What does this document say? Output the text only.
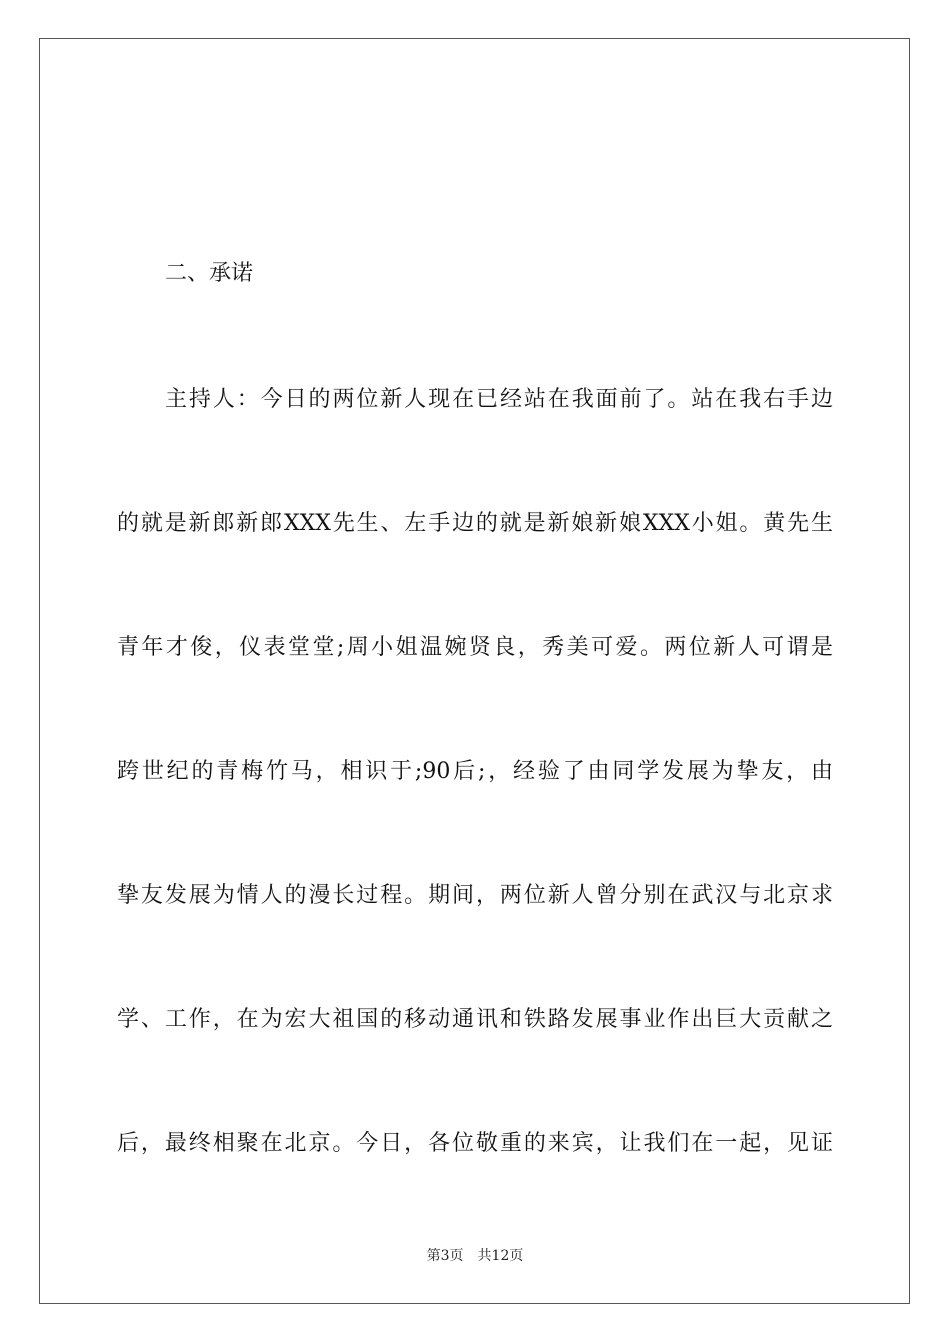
二、承诺
主持人：今日的两位新人现在已经站在我面前了。站在我右手边
的就是新郎新郎XXX先生、左手边的就是新娘新娘XXX小姐。黄先生
青年才俊，仪表堂堂;周小姐温婉贤良，秀美可爱。两位新人可谓是
跨世纪的青梅竹马，相识于;90后;，经验了由同学发展为挚友，由
挚友发展为情人的漫长过程。期间，两位新人曾分别在武汉与北京求
学、工作，在为宏大祖国的移动通讯和铁路发展事业作出巨大贡献之
后，最终相聚在北京。今日，各位敬重的来宾，让我们在一起，见证
第3页 共12页
